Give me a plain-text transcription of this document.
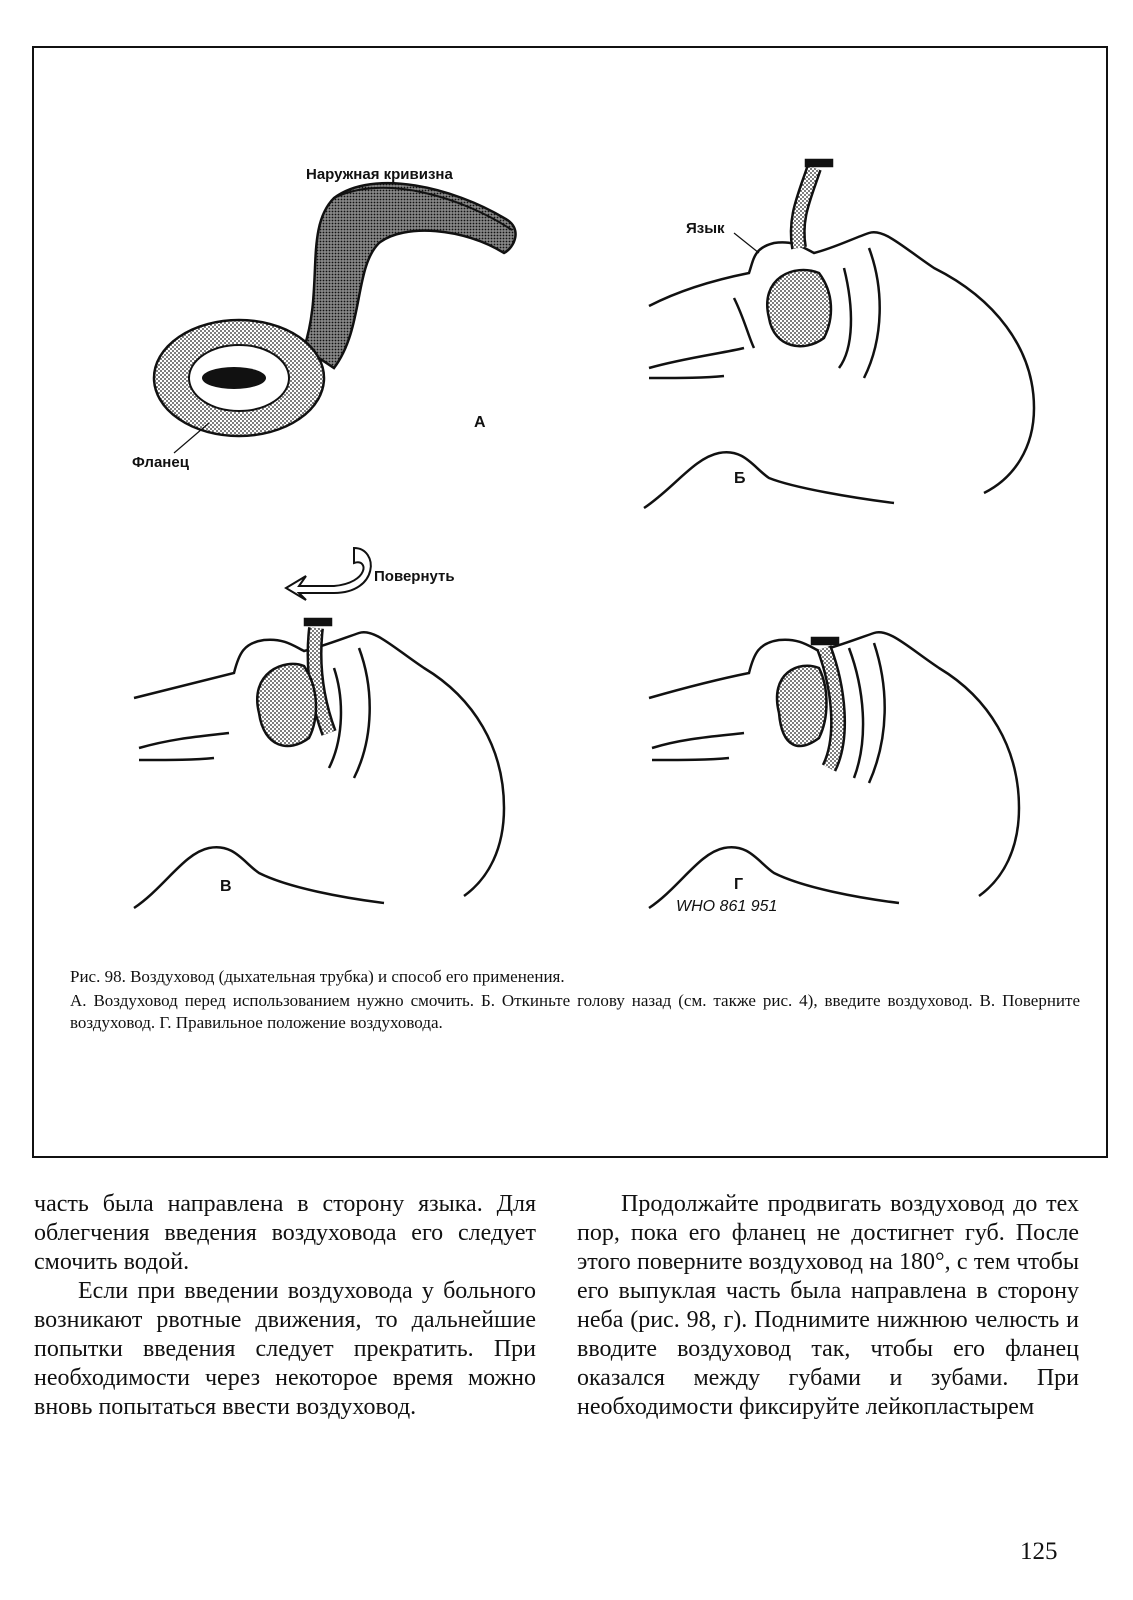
Наружная кривизна
Фланец
Язык
Повернуть
А
Б
В	Г
WHO 861 951

Рис. 98. Воздуховод (дыхательная трубка) и способ его применения.

А. Воздуховод перед использованием нужно смочить. Б. Откиньте голову назад (см. также рис. 4), введите воздуховод. В. Поверните воздуховод. Г. Правильное положение воздуховода.

часть была направлена в сторону языка. Для облегчения введения воздуховода его следует смочить водой.

Если при введении воздуховода у больного возникают рвотные движения, то дальнейшие попытки введения следует прекратить. При необходимости через некоторое время можно вновь попытаться ввести воздуховод.

Продолжайте продвигать воздуховод до тех пор, пока его фланец не достигнет губ. После этого поверните воздуховод на 180°, с тем чтобы его выпуклая часть была направлена в сторону неба (рис. 98, г). Поднимите нижнюю челюсть и вводите воздуховод так, чтобы его фланец оказался между губами и зубами. При необходимости фиксируйте лейкопластырем

125
